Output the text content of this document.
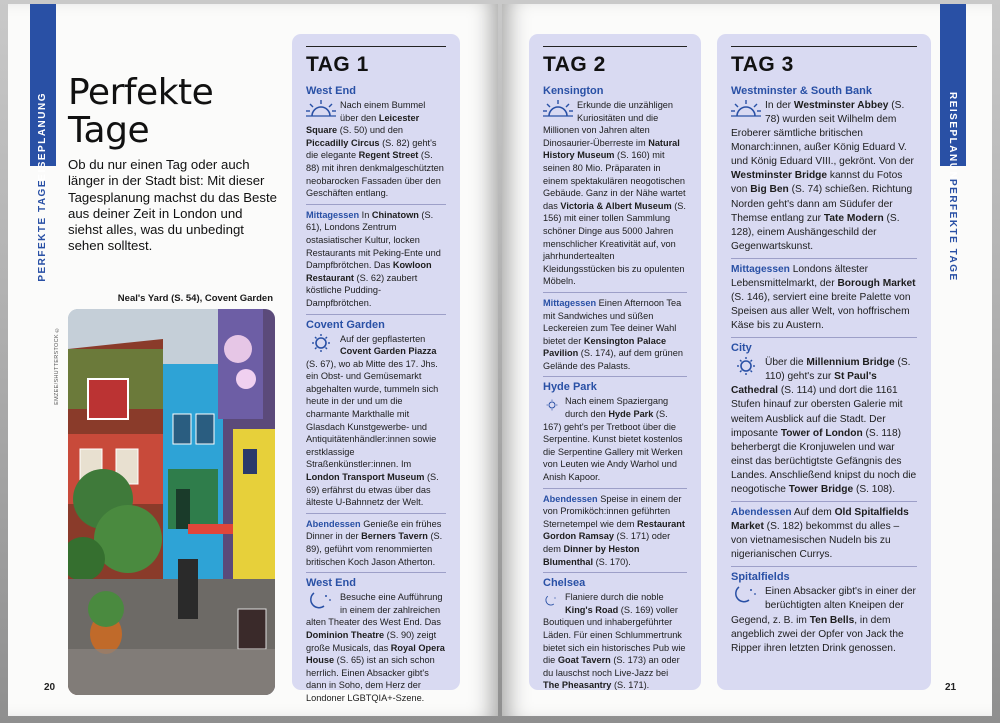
REISEPLANUNG
PERFEKTE TAGE
Perfekte
Tage
Ob du nur einen Tag oder auch länger in der Stadt bist: Mit dieser Tagesplanung machst du das Beste aus deiner Zeit in London und siehst alles, was du unbedingt sehen solltest.
Neal's Yard (S. 54), Covent Garden
EMZEE/SHUTTERSTOCK ©
20
TAG 1
West End
Nach einem Bummel über den Leicester Square (S. 50) und den Piccadilly Circus (S. 82) geht's die elegante Regent Street (S. 88) mit ihren denkmalgeschützten neobarocken Fassaden über den Geschäften entlang.
Mittagessen In Chinatown (S. 61), Londons Zentrum ostasiatischer Kultur, locken Restaurants mit Peking-Ente und Dampfbrötchen. Das Kowloon Restaurant (S. 62) zaubert köstliche Pudding-Dampfbrötchen.
Covent Garden
Auf der gepflasterten Covent Garden Piazza (S. 67), wo ab Mitte des 17. Jhs. ein Obst- und Gemüsemarkt abgehalten wurde, tummeln sich heute in der und um die charmante Markthalle mit Glasdach Kunstgewerbe- und Antiquitätenhändler:innen sowie erstklassige Straßenkünstler:innen. Im London Transport Museum (S. 69) erfährst du etwas über das älteste U-Bahnnetz der Welt.
Abendessen Genieße ein frühes Dinner in der Berners Tavern (S. 89), geführt vom renommierten britischen Koch Jason Atherton.
West End
Besuche eine Aufführung in einem der zahlreichen alten Theater des West End. Das Dominion Theatre (S. 90) zeigt große Musicals, das Royal Opera House (S. 65) ist an sich schon herrlich. Einen Absacker gibt's dann in Soho, dem Herz der Londoner LGBTQIA+-Szene.
REISEPLANUNG
PERFEKTE TAGE
21
TAG 2
Kensington
Erkunde die unzähligen Kuriositäten und die Millionen von Jahren alten Dinosaurier-Überreste im Natural History Museum (S. 160) mit seinen 80 Mio. Präparaten in einem spektakulären neogotischen Gebäude. Ganz in der Nähe wartet das Victoria & Albert Museum (S. 156) mit einer tollen Sammlung schöner Dinge aus 5000 Jahren menschlicher Kreativität auf, von jahrhundertealten Kleidungsstücken bis zu opulenten Möbeln.
Mittagessen Einen Afternoon Tea mit Sandwiches und süßen Leckereien zum Tee deiner Wahl bietet der Kensington Palace Pavilion (S. 174), auf dem grünen Gelände des Palasts.
Hyde Park
Nach einem Spaziergang durch den Hyde Park (S. 167) geht's per Tretboot über die Serpentine. Kunst bietet kostenlos die Serpentine Gallery mit Werken von Leuten wie Andy Warhol und Anish Kapoor.
Abendessen Speise in einem der von Promiköch:innen geführten Sternetempel wie dem Restaurant Gordon Ramsay (S. 171) oder dem Dinner by Heston Blumenthal (S. 170).
Chelsea
Flaniere durch die noble King's Road (S. 169) voller Boutiquen und inhabergeführter Läden. Für einen Schlummertrunk bietet sich ein historisches Pub wie die Goat Tavern (S. 173) an oder du lauschst noch Live-Jazz bei The Pheasantry (S. 171).
TAG 3
Westminster & South Bank
In der Westminster Abbey (S. 78) wurden seit Wilhelm dem Eroberer sämtliche britischen Monarch:innen, außer König Eduard V. und König Eduard VIII., gekrönt. Von der Westminster Bridge kannst du Fotos von Big Ben (S. 74) schießen. Richtung Norden geht's dann am Südufer der Themse entlang zur Tate Modern (S. 128), einem Aushängeschild der Gegenwartskunst.
Mittagessen Londons ältester Lebensmittelmarkt, der Borough Market (S. 146), serviert eine breite Palette von Speisen aus aller Welt, von hoffrischem Käse bis zu Austern.
City
Über die Millennium Bridge (S. 110) geht's zur St Paul's Cathedral (S. 114) und dort die 1161 Stufen hinauf zur obersten Galerie mit weitem Ausblick auf die Stadt. Der imposante Tower of London (S. 118) beherbergt die Kronjuwelen und war einst das berüchtigtste Gefängnis des Landes. Anschließend knipst du noch die neogotische Tower Bridge (S. 108).
Abendessen Auf dem Old Spitalfields Market (S. 182) bekommst du alles – von vietnamesischen Nudeln bis zu nigerianischen Currys.
Spitalfields
Einen Absacker gibt's in einer der berüchtigten alten Kneipen der Gegend, z. B. im Ten Bells, in dem angeblich zwei der Opfer von Jack the Ripper ihren letzten Drink genossen.
